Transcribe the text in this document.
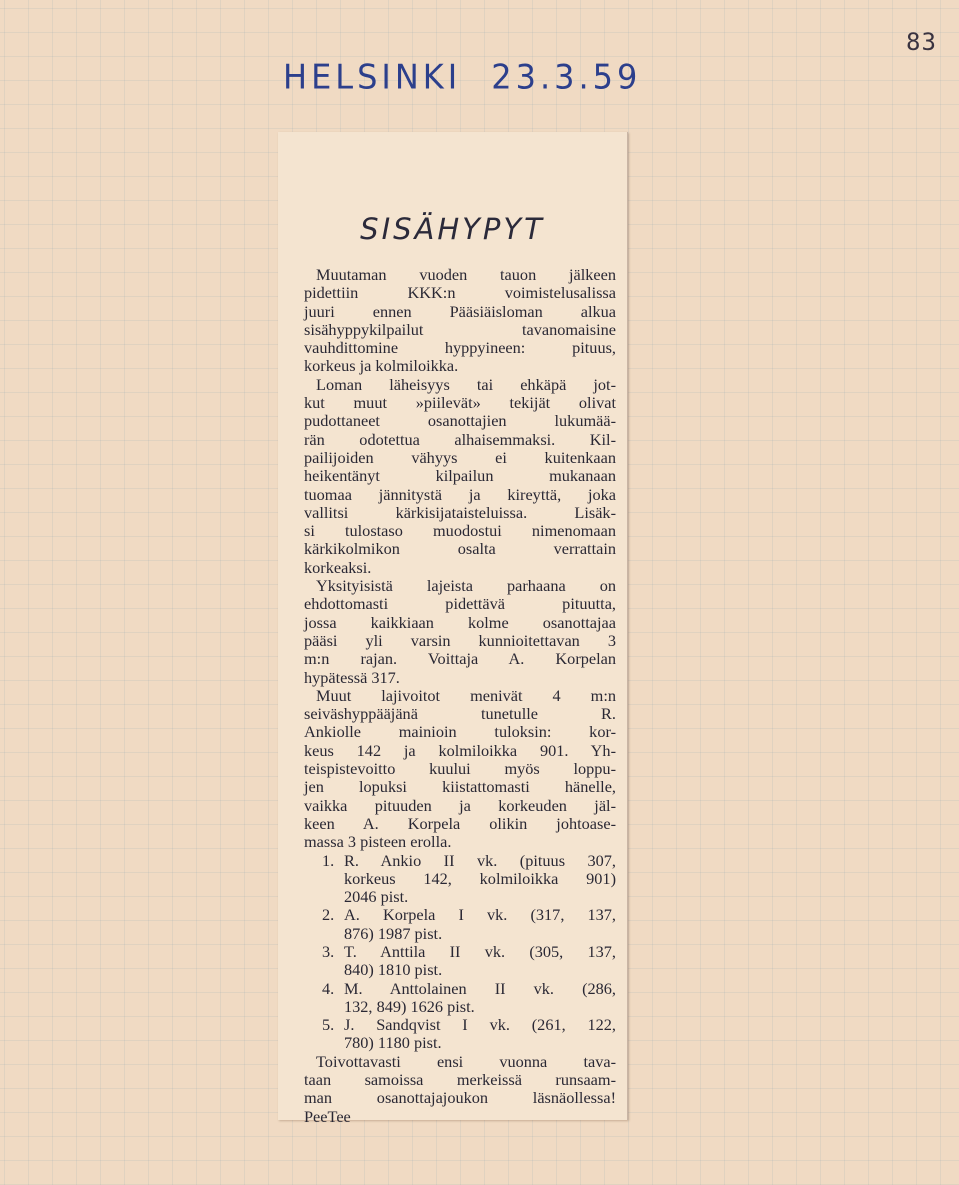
83
HELSINKI 23.3.59
SISÄHYPYT
Muutaman vuoden tauon jälkeen
pidettiin KKK:n voimistelusalissa
juuri ennen Pääsiäisloman alkua
sisähyppykilpailut tavanomaisine
vauhdittomine hyppyineen: pituus,
korkeus ja kolmiloikka.
Loman läheisyys tai ehkäpä jot-
kut muut »piilevät» tekijät olivat
pudottaneet osanottajien lukumää-
rän odotettua alhaisemmaksi. Kil-
pailijoiden vähyys ei kuitenkaan
heikentänyt kilpailun mukanaan
tuomaa jännitystä ja kireyttä, joka
vallitsi kärkisijataisteluissa. Lisäk-
si tulostaso muodostui nimenomaan
kärkikolmikon osalta verrattain
korkeaksi.
Yksityisistä lajeista parhaana on
ehdottomasti pidettävä pituutta,
jossa kaikkiaan kolme osanottajaa
pääsi yli varsin kunnioitettavan 3
m:n rajan. Voittaja A. Korpelan
hypätessä 317.
Muut lajivoitot menivät 4 m:n
seiväshyppääjänä tunetulle R.
Ankiolle mainioin tuloksin: kor-
keus 142 ja kolmiloikka 901. Yh-
teispistevoitto kuului myös loppu-
jen lopuksi kiistattomasti hänelle,
vaikka pituuden ja korkeuden jäl-
keen A. Korpela olikin johtoase-
massa 3 pisteen erolla.
1. R. Ankio II vk. (pituus 307,
korkeus 142, kolmiloikka 901)
2046 pist.
2. A. Korpela I vk. (317, 137,
876) 1987 pist.
3. T. Anttila II vk. (305, 137,
840) 1810 pist.
4. M. Anttolainen II vk. (286,
132, 849) 1626 pist.
5. J. Sandqvist I vk. (261, 122,
780) 1180 pist.
Toivottavasti ensi vuonna tava-
taan samoissa merkeissä runsaam-
man osanottajajoukon läsnäollessa!
PeeTee
